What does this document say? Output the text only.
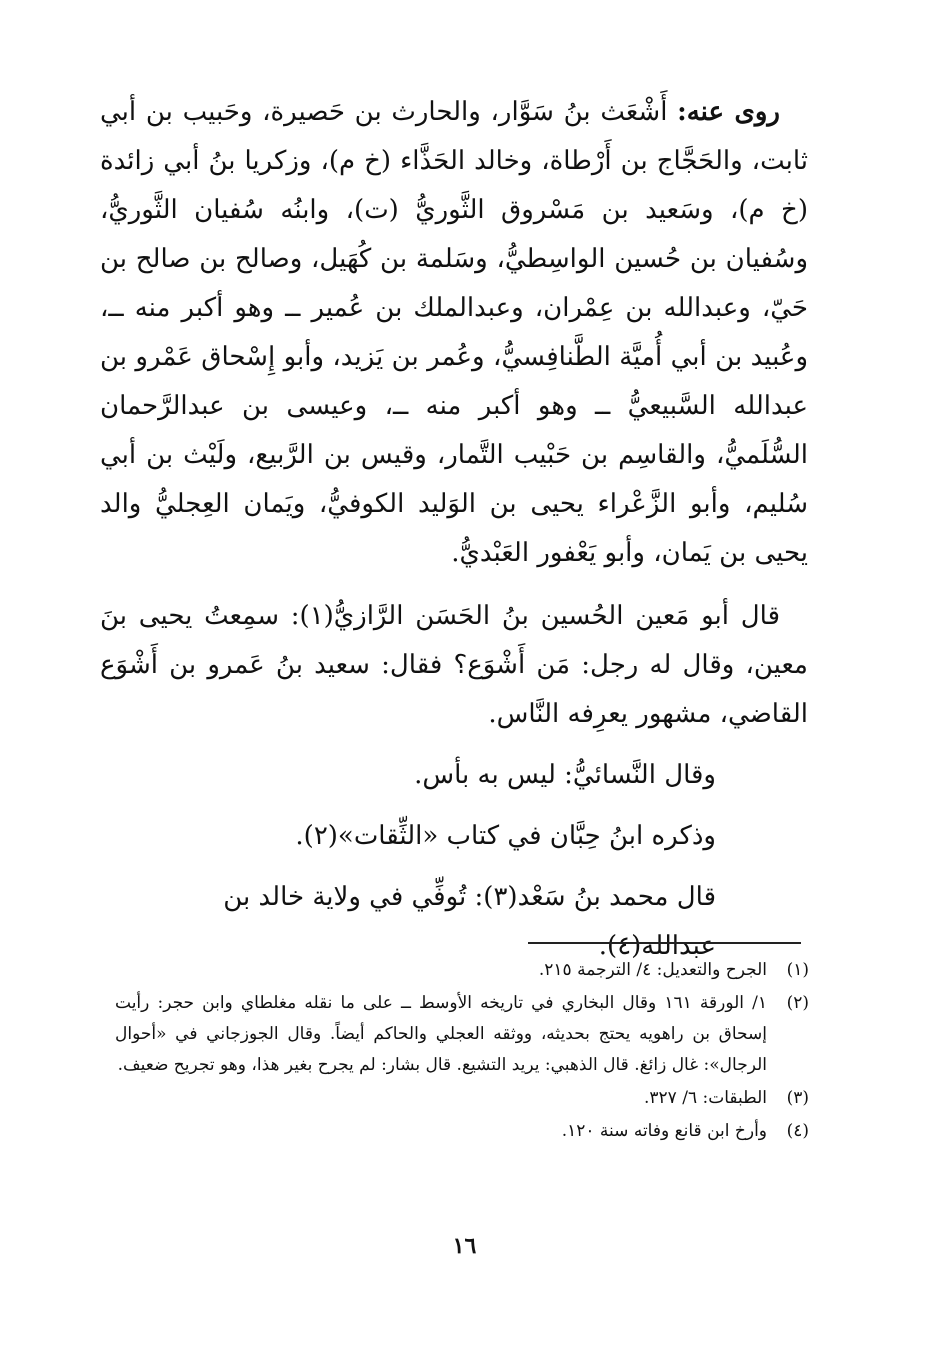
روى عنه: أَشْعَث بنُ سَوَّار، والحارث بن حَصيرة، وحَبيب بن أبي ثابت، والحَجَّاج بن أَرْطاة، وخالد الحَذَّاء (خ م)، وزكريا بنُ أبي زائدة (خ م)، وسَعيد بن مَسْروق الثَّوريُّ (ت)، وابنُه سُفيان الثَّوريُّ، وسُفيان بن حُسين الواسِطيُّ، وسَلمة بن كُهَيل، وصالح بن صالح بن حَيّ، وعبدالله بن عِمْران، وعبدالملك بن عُمير ــ وهو أكبر منه ــ، وعُبيد بن أبي أُميَّة الطَّنافِسيُّ، وعُمر بن يَزيد، وأبو إِسْحاق عَمْرو بن عبدالله السَّبيعيُّ ــ وهو أكبر منه ــ، وعيسى بن عبدالرَّحمان السُّلَميُّ، والقاسِم بن حَبْيب التَّمار، وقيس بن الرَّبيع، ولَيْث بن أبي سُليم، وأبو الزَّعْراء يحيى بن الوَليد الكوفيُّ، ويَمان العِجليُّ والد يحيى بن يَمان، وأبو يَعْفور العَبْديُّ.

قال أبو مَعين الحُسين بنُ الحَسَن الرَّازيُّ(١): سمِعتُ يحيى بنَ معين، وقال له رجل: مَن أَشْوَع؟ فقال: سعيد بنُ عَمرو بن أَشْوَع القاضي، مشهور يعرِفه النَّاس.

وقال النَّسائيُّ: ليس به بأس.

وذكره ابنُ حِبَّان في كتاب «الثِّقات»(٢).

قال محمد بنُ سَعْد(٣): تُوفِّي في ولاية خالد بن عبدالله(٤).

(١)
الجرح والتعديل: ٤/ الترجمة ٢١٥.

(٢)
١/ الورقة ١٦١ وقال البخاري في تاريخه الأوسط ــ على ما نقله مغلطاي وابن حجر: رأيت إسحاق بن راهويه يحتج بحديثه، ووثقه العجلي والحاكم أيضاً. وقال الجوزجاني في «أحوال الرجال»: غال زائغ. قال الذهبي: يريد التشيع. قال بشار: لم يجرح بغير هذا، وهو تجريح ضعيف.

(٣)
الطبقات: ٦/ ٣٢٧.

(٤)
وأرخ ابن قانع وفاته سنة ١٢٠.

١٦
